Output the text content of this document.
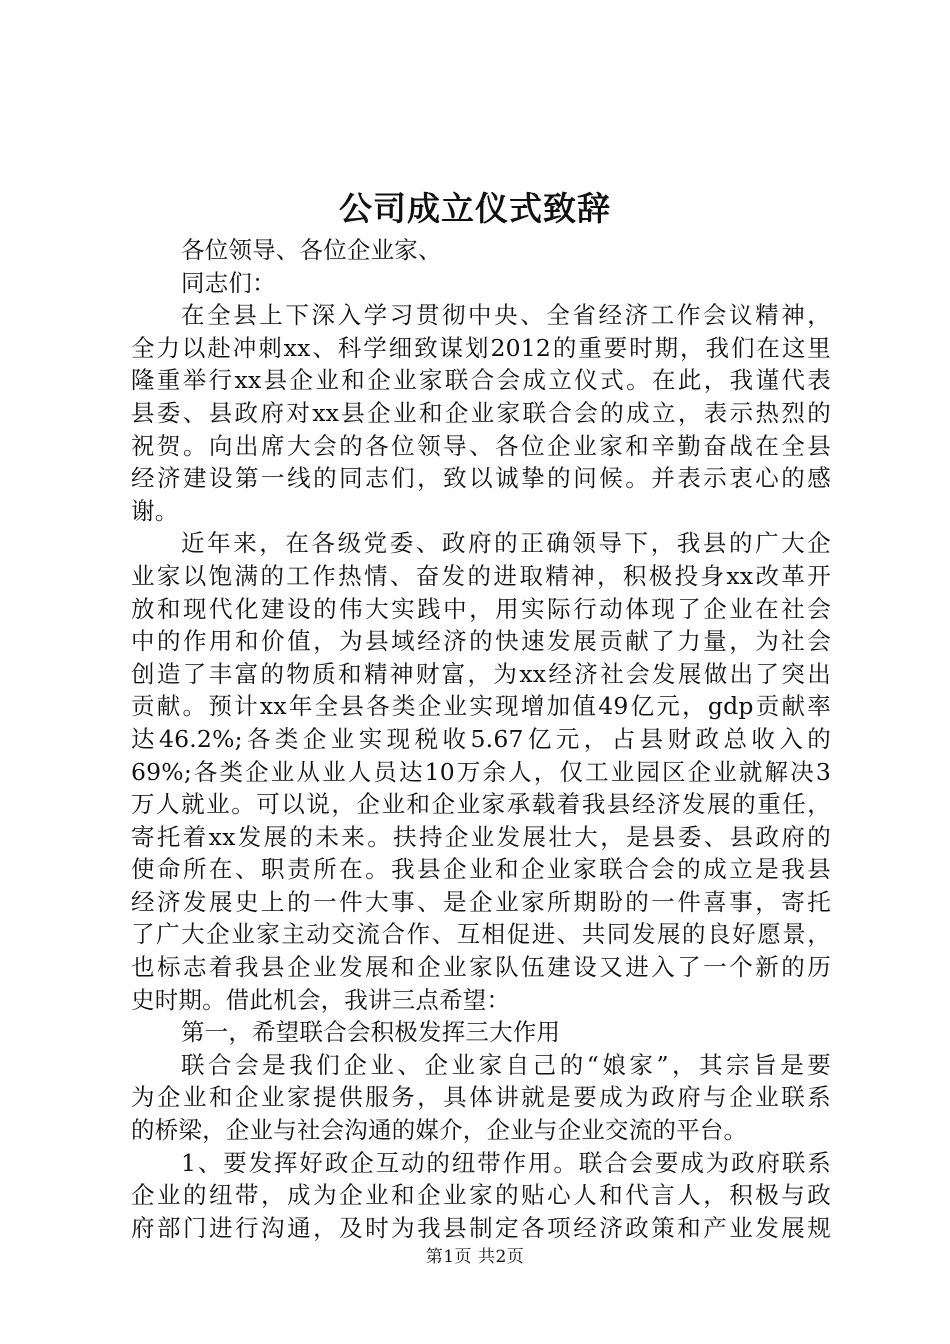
公司成立仪式致辞
各位领导、各位企业家、
同志们：
在全县上下深入学习贯彻中央、全省经济工作会议精神，
全力以赴冲刺xx、科学细致谋划2012的重要时期，我们在这里
隆重举行xx县企业和企业家联合会成立仪式。在此，我谨代表
县委、县政府对xx县企业和企业家联合会的成立，表示热烈的
祝贺。向出席大会的各位领导、各位企业家和辛勤奋战在全县
经济建设第一线的同志们，致以诚挚的问候。并表示衷心的感
谢。
近年来，在各级党委、政府的正确领导下，我县的广大企
业家以饱满的工作热情、奋发的进取精神，积极投身xx改革开
放和现代化建设的伟大实践中，用实际行动体现了企业在社会
中的作用和价值，为县域经济的快速发展贡献了力量，为社会
创造了丰富的物质和精神财富，为xx经济社会发展做出了突出
贡献。预计xx年全县各类企业实现增加值49亿元，gdp贡献率
达46.2%;各类企业实现税收5.67亿元，占县财政总收入的
69%;各类企业从业人员达10万余人，仅工业园区企业就解决3
万人就业。可以说，企业和企业家承载着我县经济发展的重任，
寄托着xx发展的未来。扶持企业发展壮大，是县委、县政府的
使命所在、职责所在。我县企业和企业家联合会的成立是我县
经济发展史上的一件大事、是企业家所期盼的一件喜事，寄托
了广大企业家主动交流合作、互相促进、共同发展的良好愿景，
也标志着我县企业发展和企业家队伍建设又进入了一个新的历
史时期。借此机会，我讲三点希望：
第一，希望联合会积极发挥三大作用
联合会是我们企业、企业家自己的“娘家”，其宗旨是要
为企业和企业家提供服务，具体讲就是要成为政府与企业联系
的桥梁，企业与社会沟通的媒介，企业与企业交流的平台。
1、要发挥好政企互动的纽带作用。联合会要成为政府联系
企业的纽带，成为企业和企业家的贴心人和代言人，积极与政
府部门进行沟通，及时为我县制定各项经济政策和产业发展规
第1页 共2页
